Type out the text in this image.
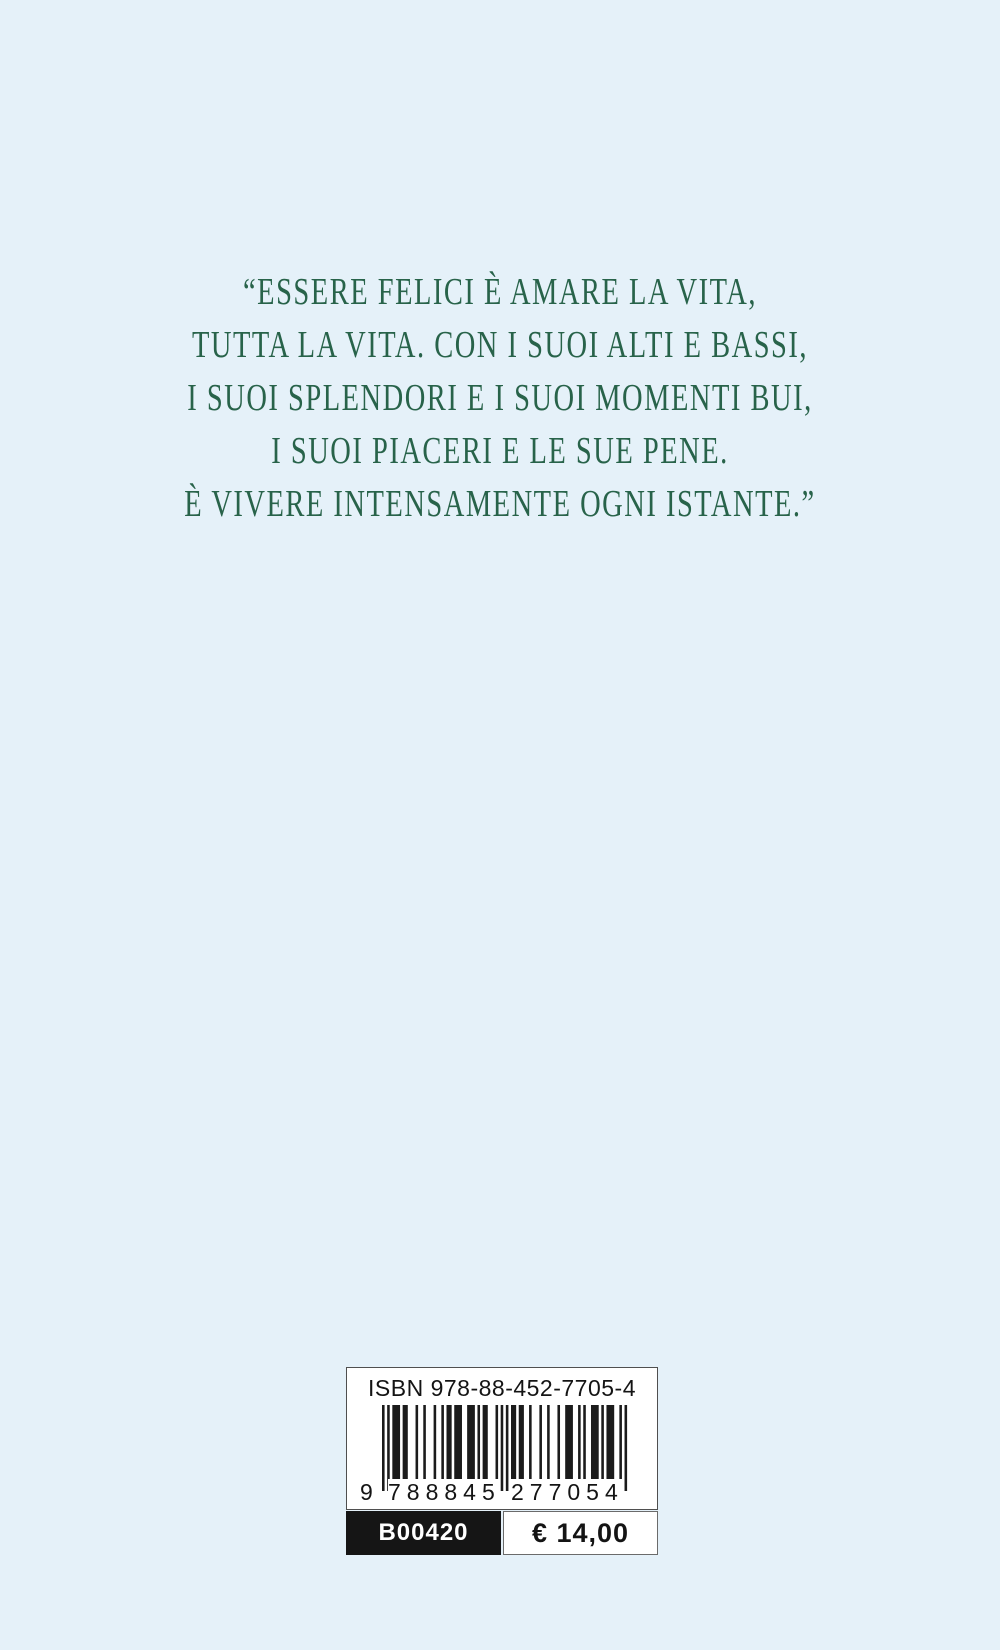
“ESSERE FELICI È AMARE LA VITA,
TUTTA LA VITA. CON I SUOI ALTI E BASSI,
I SUOI SPLENDORI E I SUOI MOMENTI BUI,
I SUOI PIACERI E LE SUE PENE.
È VIVERE INTENSAMENTE OGNI ISTANTE.”
ISBN 978-88-452-7705-4
9 788845 277054
B00420	€ 14,00
